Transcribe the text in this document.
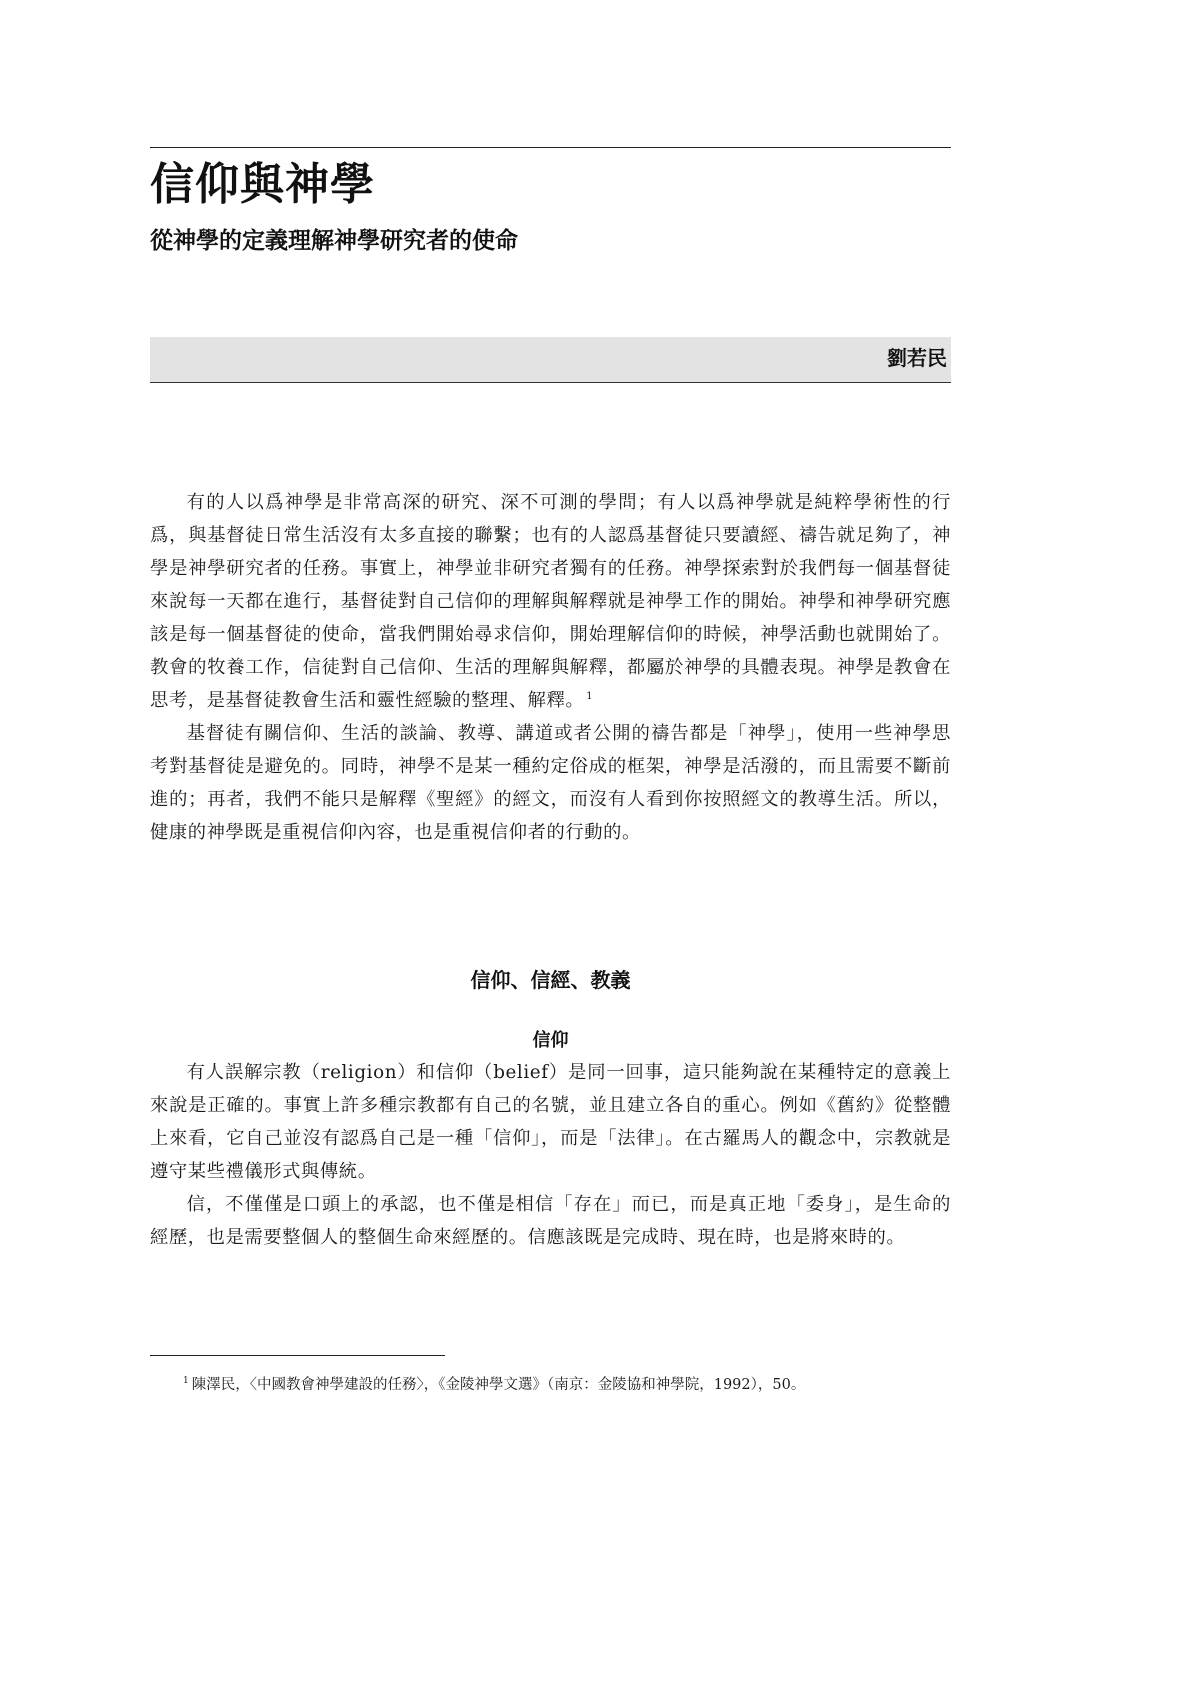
信仰與神學
從神學的定義理解神學研究者的使命
劉若民

有的人以爲神學是非常高深的研究、深不可測的學問；有人以爲神學就是純粹學術性的行爲，與基督徒日常生活沒有太多直接的聯繫；也有的人認爲基督徒只要讀經、禱告就足夠了，神學是神學研究者的任務。事實上，神學並非研究者獨有的任務。神學探索對於我們每一個基督徒來說每一天都在進行，基督徒對自己信仰的理解與解釋就是神學工作的開始。神學和神學研究應該是每一個基督徒的使命，當我們開始尋求信仰，開始理解信仰的時候，神學活動也就開始了。教會的牧養工作，信徒對自己信仰、生活的理解與解釋，都屬於神學的具體表現。神學是教會在思考，是基督徒教會生活和靈性經驗的整理、解釋。 $^1$

基督徒有關信仰、生活的談論、教導、講道或者公開的禱告都是「神學」，使用一些神學思考對基督徒是避免的。同時，神學不是某一種約定俗成的框架，神學是活潑的，而且需要不斷前進的；再者，我們不能只是解釋《聖經》的經文，而沒有人看到你按照經文的教導生活。所以，健康的神學既是重視信仰內容，也是重視信仰者的行動的。

信仰、信經、教義
信仰

有人誤解宗教（religion）和信仰（belief）是同一回事，這只能夠說在某種特定的意義上來說是正確的。事實上許多種宗教都有自己的名號，並且建立各自的重心。例如《舊約》從整體上來看，它自己並沒有認爲自己是一種「信仰」，而是「法律」。在古羅馬人的觀念中，宗教就是遵守某些禮儀形式與傳統。

信，不僅僅是口頭上的承認，也不僅是相信「存在」而已，而是真正地「委身」，是生命的經歷，也是需要整個人的整個生命來經歷的。信應該既是完成時、現在時，也是將來時的。

$^1$ 陳澤民，〈中國教會神學建設的任務〉，《金陵神學文選》（南京：金陵協和神學院，1992），50。
